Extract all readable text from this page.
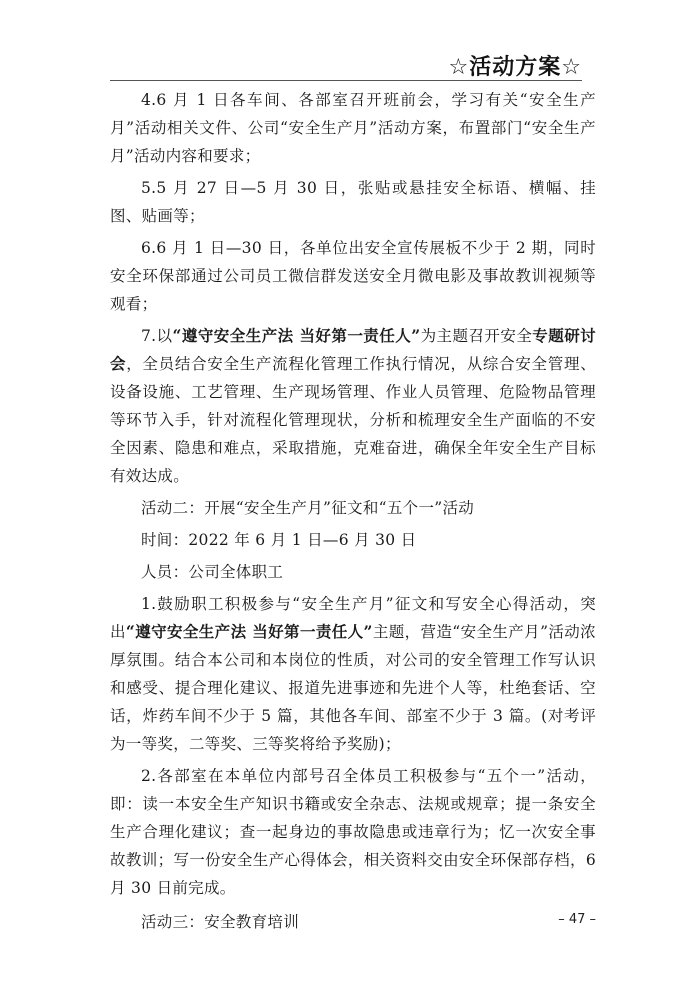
☆活动方案☆

4.6 月 1 日各车间、各部室召开班前会，学习有关“安全生产月”活动相关文件、公司“安全生产月”活动方案，布置部门“安全生产月”活动内容和要求；

5.5 月 27 日—5 月 30 日，张贴或悬挂安全标语、横幅、挂图、贴画等；

6.6 月 1 日—30 日，各单位出安全宣传展板不少于 2 期，同时安全环保部通过公司员工微信群发送安全月微电影及事故教训视频等观看；

7.以“遵守安全生产法 当好第一责任人”为主题召开安全专题研讨会，全员结合安全生产流程化管理工作执行情况，从综合安全管理、设备设施、工艺管理、生产现场管理、作业人员管理、危险物品管理等环节入手，针对流程化管理现状，分析和梳理安全生产面临的不安全因素、隐患和难点，采取措施，克难奋进，确保全年安全生产目标有效达成。

活动二：开展“安全生产月”征文和“五个一”活动

时间：2022 年 6 月 1 日—6 月 30 日

人员：公司全体职工

1.鼓励职工积极参与“安全生产月”征文和写安全心得活动，突出“遵守安全生产法 当好第一责任人”主题，营造“安全生产月”活动浓厚氛围。结合本公司和本岗位的性质，对公司的安全管理工作写认识和感受、提合理化建议、报道先进事迹和先进个人等，杜绝套话、空话，炸药车间不少于 5 篇，其他各车间、部室不少于 3 篇。(对考评为一等奖，二等奖、三等奖将给予奖励)；

2.各部室在本单位内部号召全体员工积极参与“五个一”活动，即：读一本安全生产知识书籍或安全杂志、法规或规章；提一条安全生产合理化建议；查一起身边的事故隐患或违章行为；忆一次安全事故教训；写一份安全生产心得体会，相关资料交由安全环保部存档，6 月 30 日前完成。

活动三：安全教育培训	– 47 –
